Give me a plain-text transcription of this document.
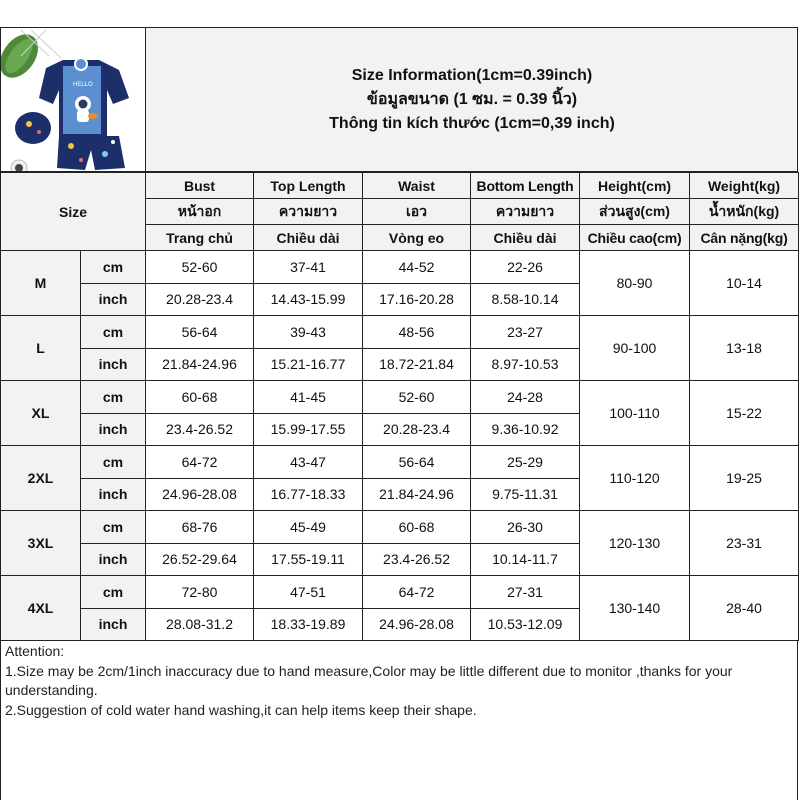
HELLO
Size Information(1cm=0.39inch)
ข้อมูลขนาด (1 ซม. = 0.39 นิ้ว)
Thông tin kích thước (1cm=0,39 inch)
Size		Bust	Top Length	Waist	Bottom Length	Height(cm)	Weight(kg)
		หน้าอก	ความยาว	เอว	ความยาว	ส่วนสูง(cm)	น้ำหนัก(kg)
		Trang chủ	Chiều dài	Vòng eo	Chiều dài	Chiều cao(cm)	Cân nặng(kg)
M	cm	52-60	37-41	44-52	22-26	80-90	10-14
	inch	20.28-23.4	14.43-15.99	17.16-20.28	8.58-10.14		
L	cm	56-64	39-43	48-56	23-27	90-100	13-18
	inch	21.84-24.96	15.21-16.77	18.72-21.84	8.97-10.53		
XL	cm	60-68	41-45	52-60	24-28	100-110	15-22
	inch	23.4-26.52	15.99-17.55	20.28-23.4	9.36-10.92		
2XL	cm	64-72	43-47	56-64	25-29	110-120	19-25
	inch	24.96-28.08	16.77-18.33	21.84-24.96	9.75-11.31		
3XL	cm	68-76	45-49	60-68	26-30	120-130	23-31
	inch	26.52-29.64	17.55-19.11	23.4-26.52	10.14-11.7		
4XL	cm	72-80	47-51	64-72	27-31	130-140	28-40
	inch	28.08-31.2	18.33-19.89	24.96-28.08	10.53-12.09		

Attention:

1.Size may be 2cm/1inch inaccuracy due to hand measure,Color may be little different due to monitor ,thanks for your understanding.

2.Suggestion of cold water hand washing,it can help items keep their shape.
